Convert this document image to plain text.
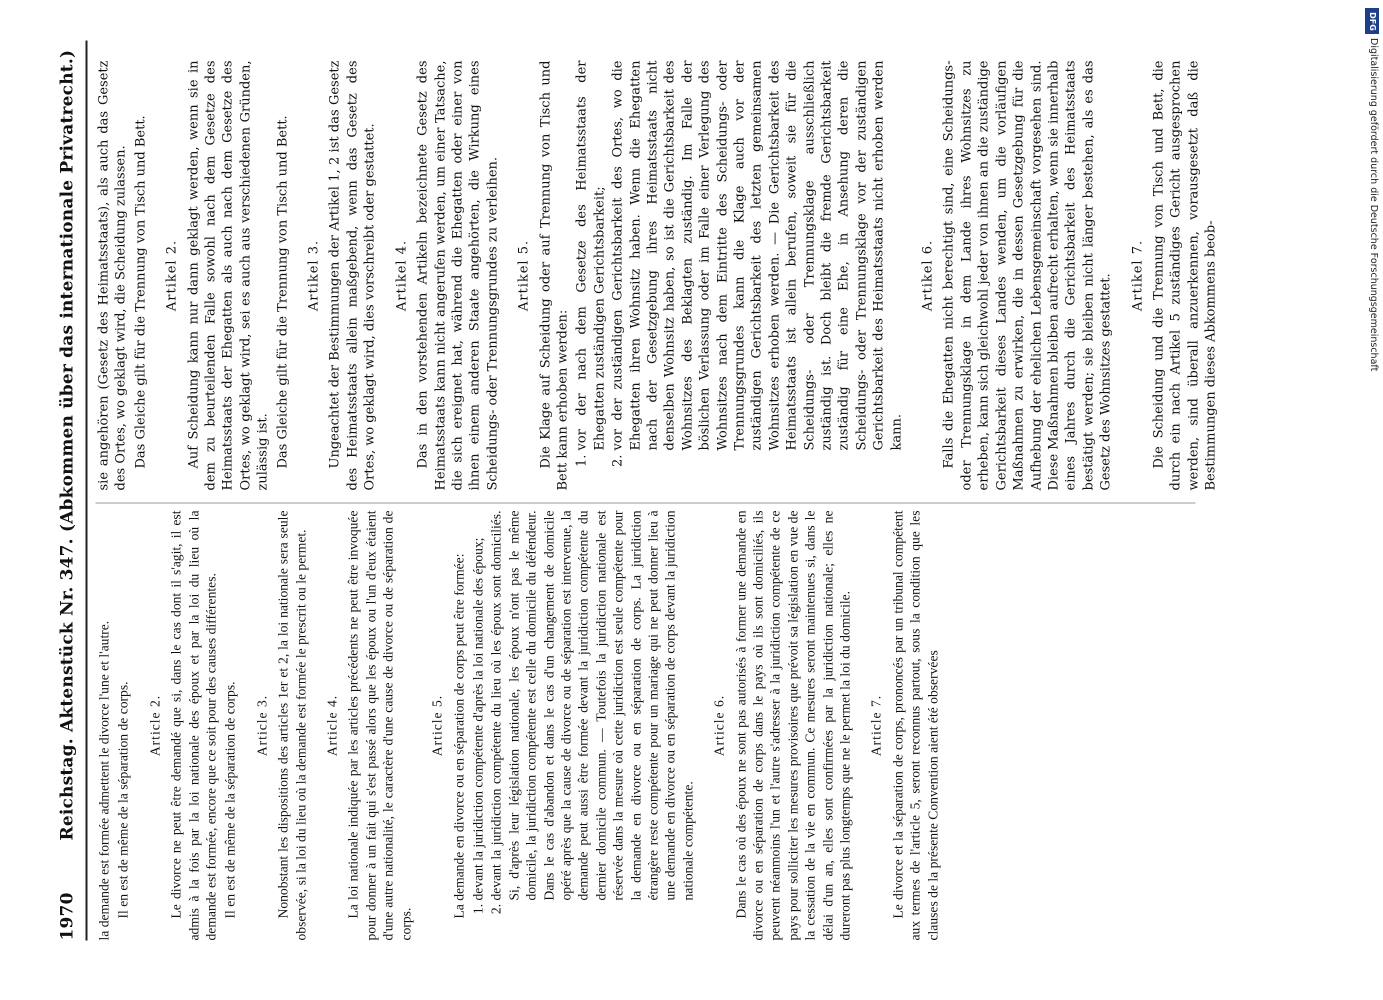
1970
Reichstag. Aktenstück Nr. 347. (Abkommen über das internationale Privatrecht.) la demande est formée admettent le divorce l'une et l'autre. Il en est de même de la séparation de corps. Article 2. Le divorce ne peut être demandé que si, dans le cas dont il s'agit, il est admis à la fois par la loi nationale des époux et par la loi du lieu où la demande est formée, encore que ce soit pour des causes différentes. Il en est de même de la séparation de corps. Article 3. Nonobstant les dispositions des articles 1er et 2, la loi nationale sera seule observée, si la loi du lieu où la demande est formée le prescrit ou le permet. Article 4. La loi nationale indiquée par les articles précédents ne peut être invoquée pour donner à un fait qui s'est passé alors que les époux ou l'un d'eux étaient d'une autre nationalité, le caractère d'une cause de divorce ou de séparation de corps.

Article 5. La demande en divorce ou en séparation de corps peut être formée: 1. devant la juridiction compétente d'après la loi nationale des époux; 2. devant la juridiction compétente du lieu où les époux sont domiciliés. Si, d'après leur législation nationale, les époux n'ont pas le même domicile, la juridiction compétente est celle du domicile du défendeur. Dans le cas d'abandon et dans le cas d'un changement de domicile opéré après que la cause de divorce ou de séparation est intervenue, la demande peut aussi être formée devant la juridiction compétente du dernier domicile commun. — Toutefois la juridiction nationale est réservée dans la mesure où cette juridiction est seule compétente pour la demande en divorce ou en séparation de corps. La juridiction étrangère reste compétente pour un mariage qui ne peut donner lieu à une demande en divorce ou en séparation de corps devant la juridiction nationale compétente.

Article 6. Dans le cas où des époux ne sont pas autorisés à former une demande en divorce ou en séparation de corps dans le pays où ils sont domiciliés, ils peuvent néanmoins l'un et l'autre s'adresser à la juridiction compétente de ce pays pour solliciter les mesures provisoires que prévoit sa législation en vue de la cessation de la vie en commun. Ce mesures seront maintenues si, dans le délai d'un an, elles sont confirmées par la juridiction nationale; elles ne dureront pas plus longtemps que ne le permet la loi du domicile. Article 7. Le divorce et la séparation de corps, prononcés par un tribunal compétent aux termes de l'article 5, seront reconnus partout, sous la condition que les clauses de la présente Convention aient été observées

sie angehören (Gesetz des Heimatsstaats), als auch das Gesetz des Ortes, wo geklagt wird, die Scheidung zulassen. Das Gleiche gilt für die Trennung von Tisch und Bett. Artikel 2. Auf Scheidung kann nur dann geklagt werden, wenn sie in dem zu beurteilenden Falle sowohl nach dem Gesetze des Heimatsstaats der Ehegatten als auch nach dem Gesetze des Ortes, wo geklagt wird, sei es auch aus verschiedenen Gründen, zulässig ist. Das Gleiche gilt für die Trennung von Tisch und Bett. Artikel 3. Ungeachtet der Bestimmungen der Artikel 1, 2 ist das Gesetz des Heimatsstaats allein maßgebend, wenn das Gesetz des Ortes, wo geklagt wird, dies vorschreibt oder gestattet. Artikel 4. Das in den vorstehenden Artikeln bezeichnete Gesetz des Heimatsstaats kann nicht angerufen werden, um einer Tatsache, die sich ereignet hat, während die Ehegatten oder einer von ihnen einem anderen Staate angehörten, die Wirkung eines Scheidungs- oder Trennungsgrundes zu verleihen. Artikel 5. Die Klage auf Scheidung oder auf Trennung von Tisch und Bett kann erhoben werden: 1. vor der nach dem Gesetze des Heimatsstaats der Ehegatten zuständigen Gerichtsbarkeit; 2. vor der zuständigen Gerichtsbarkeit des Ortes, wo die Ehegatten ihren Wohnsitz haben. Wenn die Ehegatten nach der Gesetzgebung ihres Heimatsstaats nicht denselben Wohnsitz haben, so ist die Gerichtsbarkeit des Wohnsitzes des Beklagten zuständig. Im Falle der böslichen Verlassung oder im Falle einer Verlegung des Wohnsitzes nach dem Eintritte des Scheidungs- oder Trennungsgrundes kann die Klage auch vor der zuständigen Gerichtsbarkeit des letzten gemeinsamen Wohnsitzes erhoben werden. — Die Gerichtsbarkeit des Heimatsstaats ist allein berufen, soweit sie für die Scheidungs- oder Trennungsklage ausschließlich zuständig ist. Doch bleibt die fremde Gerichtsbarkeit zuständig für eine Ehe, in Ansehung deren die Scheidungs- oder Trennungsklage vor der zuständigen Gerichtsbarkeit des Heimatsstaats nicht erhoben werden kann.

Artikel 6. Falls die Ehegatten nicht berechtigt sind, eine Scheidungs- oder Trennungsklage in dem Lande ihres Wohnsitzes zu erheben, kann sich gleichwohl jeder von ihnen an die zuständige Gerichtsbarkeit dieses Landes wenden, um die vorläufigen Maßnahmen zu erwirken, die in dessen Gesetzgebung für die Aufhebung der ehelichen Lebensgemeinschaft vorgesehen sind. Diese Maßnahmen bleiben aufrecht erhalten, wenn sie innerhalb eines Jahres durch die Gerichtsbarkeit des Heimatsstaats bestätigt werden; sie bleiben nicht länger bestehen, als es das Gesetz des Wohnsitzes gestattet. Artikel 7. Die Scheidung und die Trennung von Tisch und Bett, die durch ein nach Artikel 5 zuständiges Gericht ausgesprochen werden, sind überall anzuerkennen, vorausgesetzt daß die Bestimmungen dieses Abkommens beob-

DFG
Digitalisierung gefördert durch die Deutsche Forschungsgemeinschaft
